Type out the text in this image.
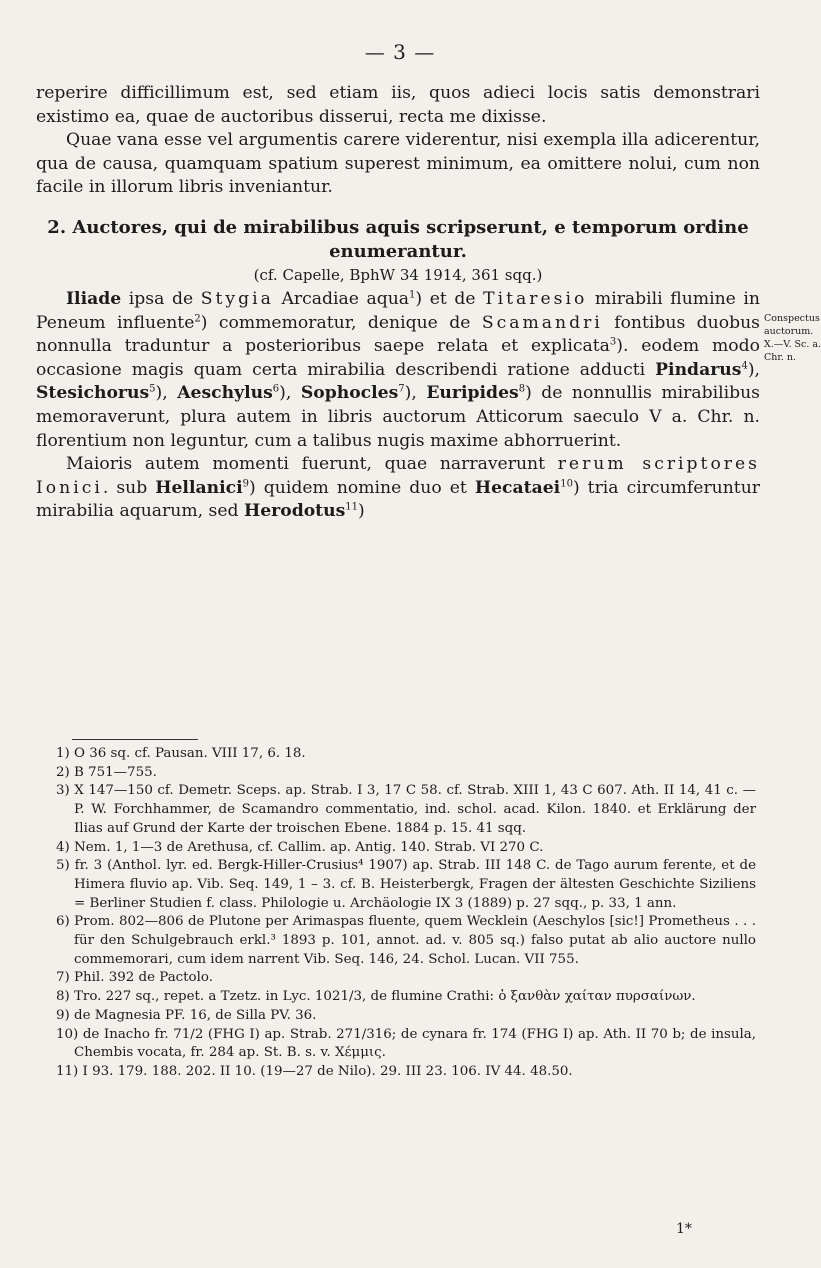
— 3 —

reperire difficillimum est, sed etiam iis, quos adieci locis satis demonstrari existimo ea, quae de auctoribus disserui, recta me dixisse.

Quae vana esse vel argumentis carere viderentur, nisi exempla illa adicerentur, qua de causa, quamquam spatium superest minimum, ea omittere nolui, cum non facile in illorum libris inveniantur.

2. Auctores, qui de mirabilibus aquis scripserunt, e temporum ordine enumerantur.
(cf. Capelle, BphW 34 1914, 361 sqq.)

Iliade ipsa de Stygia Arcadiae aqua$^1$) et de Titaresio mirabili flumine in Peneum influente$^2$) commemoratur, denique de Scamandri fontibus duobus nonnulla traduntur a posterioribus saepe relata et explicata$^3$). eodem modo occasione magis quam certa mirabilia describendi ratione adducti Pindarus$^4$), Stesichorus$^5$), Aeschylus$^6$), Sophocles$^7$), Euripides$^8$) de nonnullis mirabilibus memoraverunt, plura autem in libris auctorum Atticorum saeculo V a. Chr. n. florentium non leguntur, cum a talibus nugis maxime abhorruerint.

Maioris autem momenti fuerunt, quae narraverunt rerum scriptores Ionici. sub Hellanici$^9$) quidem nomine duo et Hecataei$^{10}$) tria circumferuntur mirabilia aquarum, sed Herodotus$^{11}$)

Conspectus
auctorum.
X.—V. Sc. a.
Chr. n.

1) O 36 sq. cf. Pausan. VIII 17, 6. 18.

2) B 751—755.

3) X 147—150 cf. Demetr. Sceps. ap. Strab. I 3, 17 C 58. cf. Strab. XIII 1, 43 C 607. Ath. II 14, 41 c. — P. W. Forchhammer, de Scamandro commentatio, ind. schol. acad. Kilon. 1840. et Erklärung der Ilias auf Grund der Karte der troischen Ebene. 1884 p. 15. 41 sqq.

4) Nem. 1, 1—3 de Arethusa, cf. Callim. ap. Antig. 140. Strab. VI 270 C.

5) fr. 3 (Anthol. lyr. ed. Bergk-Hiller-Crusius⁴ 1907) ap. Strab. III 148 C. de Tago aurum ferente, et de Himera fluvio ap. Vib. Seq. 149, 1 – 3. cf. B. Heisterbergk, Fragen der ältesten Geschichte Siziliens = Berliner Studien f. class. Philologie u. Archäologie IX 3 (1889) p. 27 sqq., p. 33, 1 ann.

6) Prom. 802—806 de Plutone per Arimaspas fluente, quem Wecklein (Aeschylos [sic!] Prometheus . . . für den Schulgebrauch erkl.³ 1893 p. 101, annot. ad. v. 805 sq.) falso putat ab alio auctore nullo commemorari, cum idem narrent Vib. Seq. 146, 24. Schol. Lucan. VII 755.

7) Phil. 392 de Pactolo.

8) Tro. 227 sq., repet. a Tzetz. in Lyc. 1021/3, de flumine Crathi: ὁ ξανθὰν χαίταν πυρσαίνων.

9) de Magnesia PF. 16, de Silla PV. 36.

10) de Inacho fr. 71/2 (FHG I) ap. Strab. 271/316; de cynara fr. 174 (FHG I) ap. Ath. II 70 b; de insula, Chembis vocata, fr. 284 ap. St. B. s. v. Χέμμις.

11) I 93. 179. 188. 202. II 10. (19—27 de Nilo). 29. III 23. 106. IV 44. 48.50.

1*
